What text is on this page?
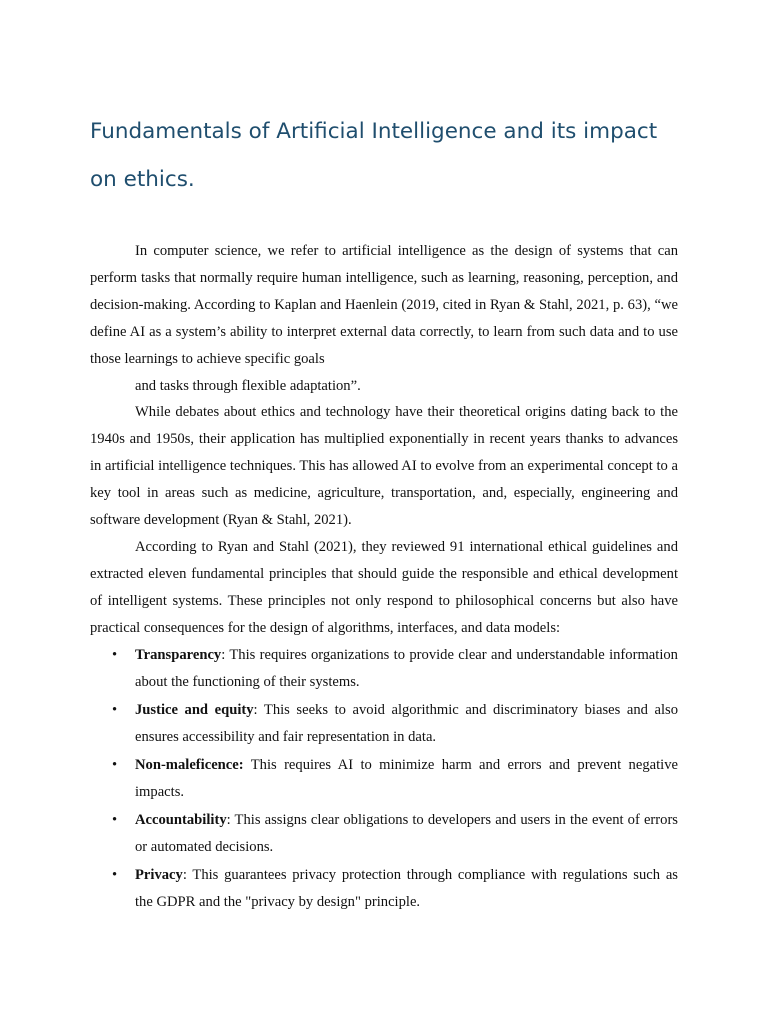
Fundamentals of Artificial Intelligence and its impact on ethics.

In computer science, we refer to artificial intelligence as the design of systems that can perform tasks that normally require human intelligence, such as learning, reasoning, perception, and decision-making. According to Kaplan and Haenlein (2019, cited in Ryan & Stahl, 2021, p. 63), “we define AI as a system’s ability to interpret external data correctly, to learn from such data and to use those learnings to achieve specific goals

and tasks through flexible adaptation”.

While debates about ethics and technology have their theoretical origins dating back to the 1940s and 1950s, their application has multiplied exponentially in recent years thanks to advances in artificial intelligence techniques. This has allowed AI to evolve from an experimental concept to a key tool in areas such as medicine, agriculture, transportation, and, especially, engineering and software development (Ryan & Stahl, 2021).

According to Ryan and Stahl (2021), they reviewed 91 international ethical guidelines and extracted eleven fundamental principles that should guide the responsible and ethical development of intelligent systems. These principles not only respond to philosophical concerns but also have practical consequences for the design of algorithms, interfaces, and data models:

• Transparency: This requires organizations to provide clear and understandable information about the functioning of their systems.
• Justice and equity: This seeks to avoid algorithmic and discriminatory biases and also ensures accessibility and fair representation in data.
• Non-maleficence: This requires AI to minimize harm and errors and prevent negative impacts.
• Accountability: This assigns clear obligations to developers and users in the event of errors or automated decisions.
• Privacy: This guarantees privacy protection through compliance with regulations such as the GDPR and the "privacy by design" principle.
